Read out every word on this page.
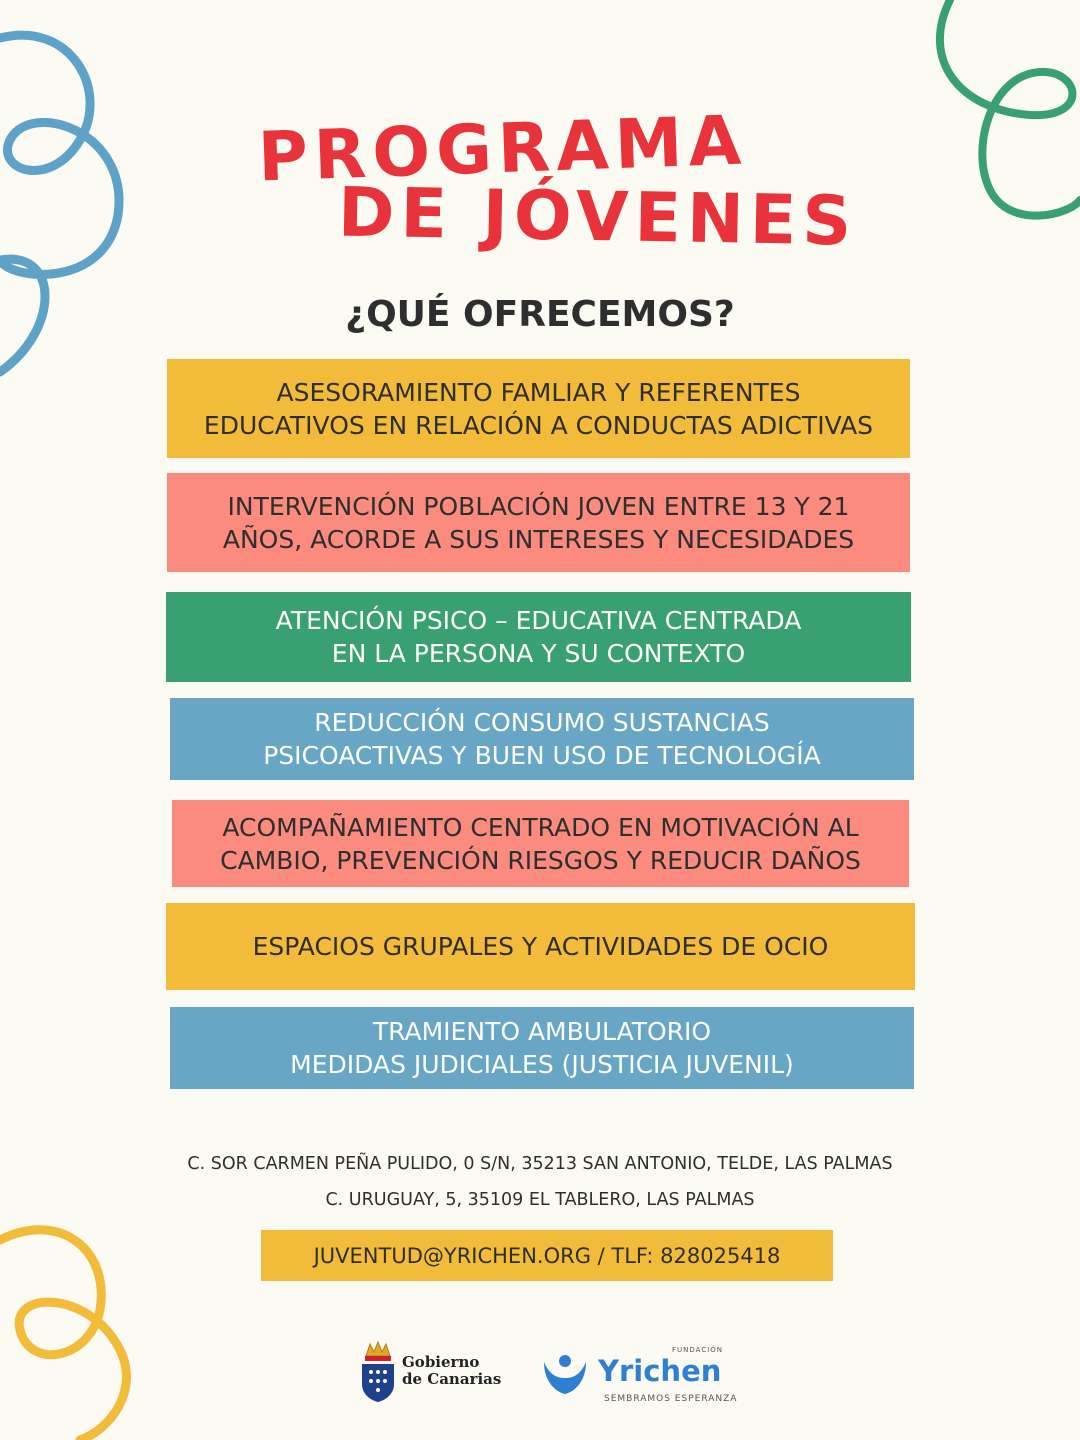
PROGRAMA
DE JÓVENES
¿QUÉ OFRECEMOS?
ASESORAMIENTO FAMLIAR Y REFERENTES
EDUCATIVOS EN RELACIÓN A CONDUCTAS ADICTIVAS
INTERVENCIÓN POBLACIÓN JOVEN ENTRE 13 Y 21
AÑOS, ACORDE A SUS INTERESES Y NECESIDADES
ATENCIÓN PSICO – EDUCATIVA CENTRADA
EN LA PERSONA Y SU CONTEXTO
REDUCCIÓN CONSUMO SUSTANCIAS
PSICOACTIVAS Y BUEN USO DE TECNOLOGÍA
ACOMPAÑAMIENTO CENTRADO EN MOTIVACIÓN AL
CAMBIO, PREVENCIÓN RIESGOS Y REDUCIR DAÑOS
ESPACIOS GRUPALES Y ACTIVIDADES DE OCIO
TRAMIENTO AMBULATORIO
MEDIDAS JUDICIALES (JUSTICIA JUVENIL)
C. SOR CARMEN PEÑA PULIDO, 0 S/N, 35213 SAN ANTONIO, TELDE, LAS PALMAS
C. URUGUAY, 5, 35109 EL TABLERO, LAS PALMAS
JUVENTUD@YRICHEN.ORG / TLF: 828025418
Gobierno
de Canarias
FUNDACIÓN
Yrichen
SEMBRAMOS ESPERANZA
